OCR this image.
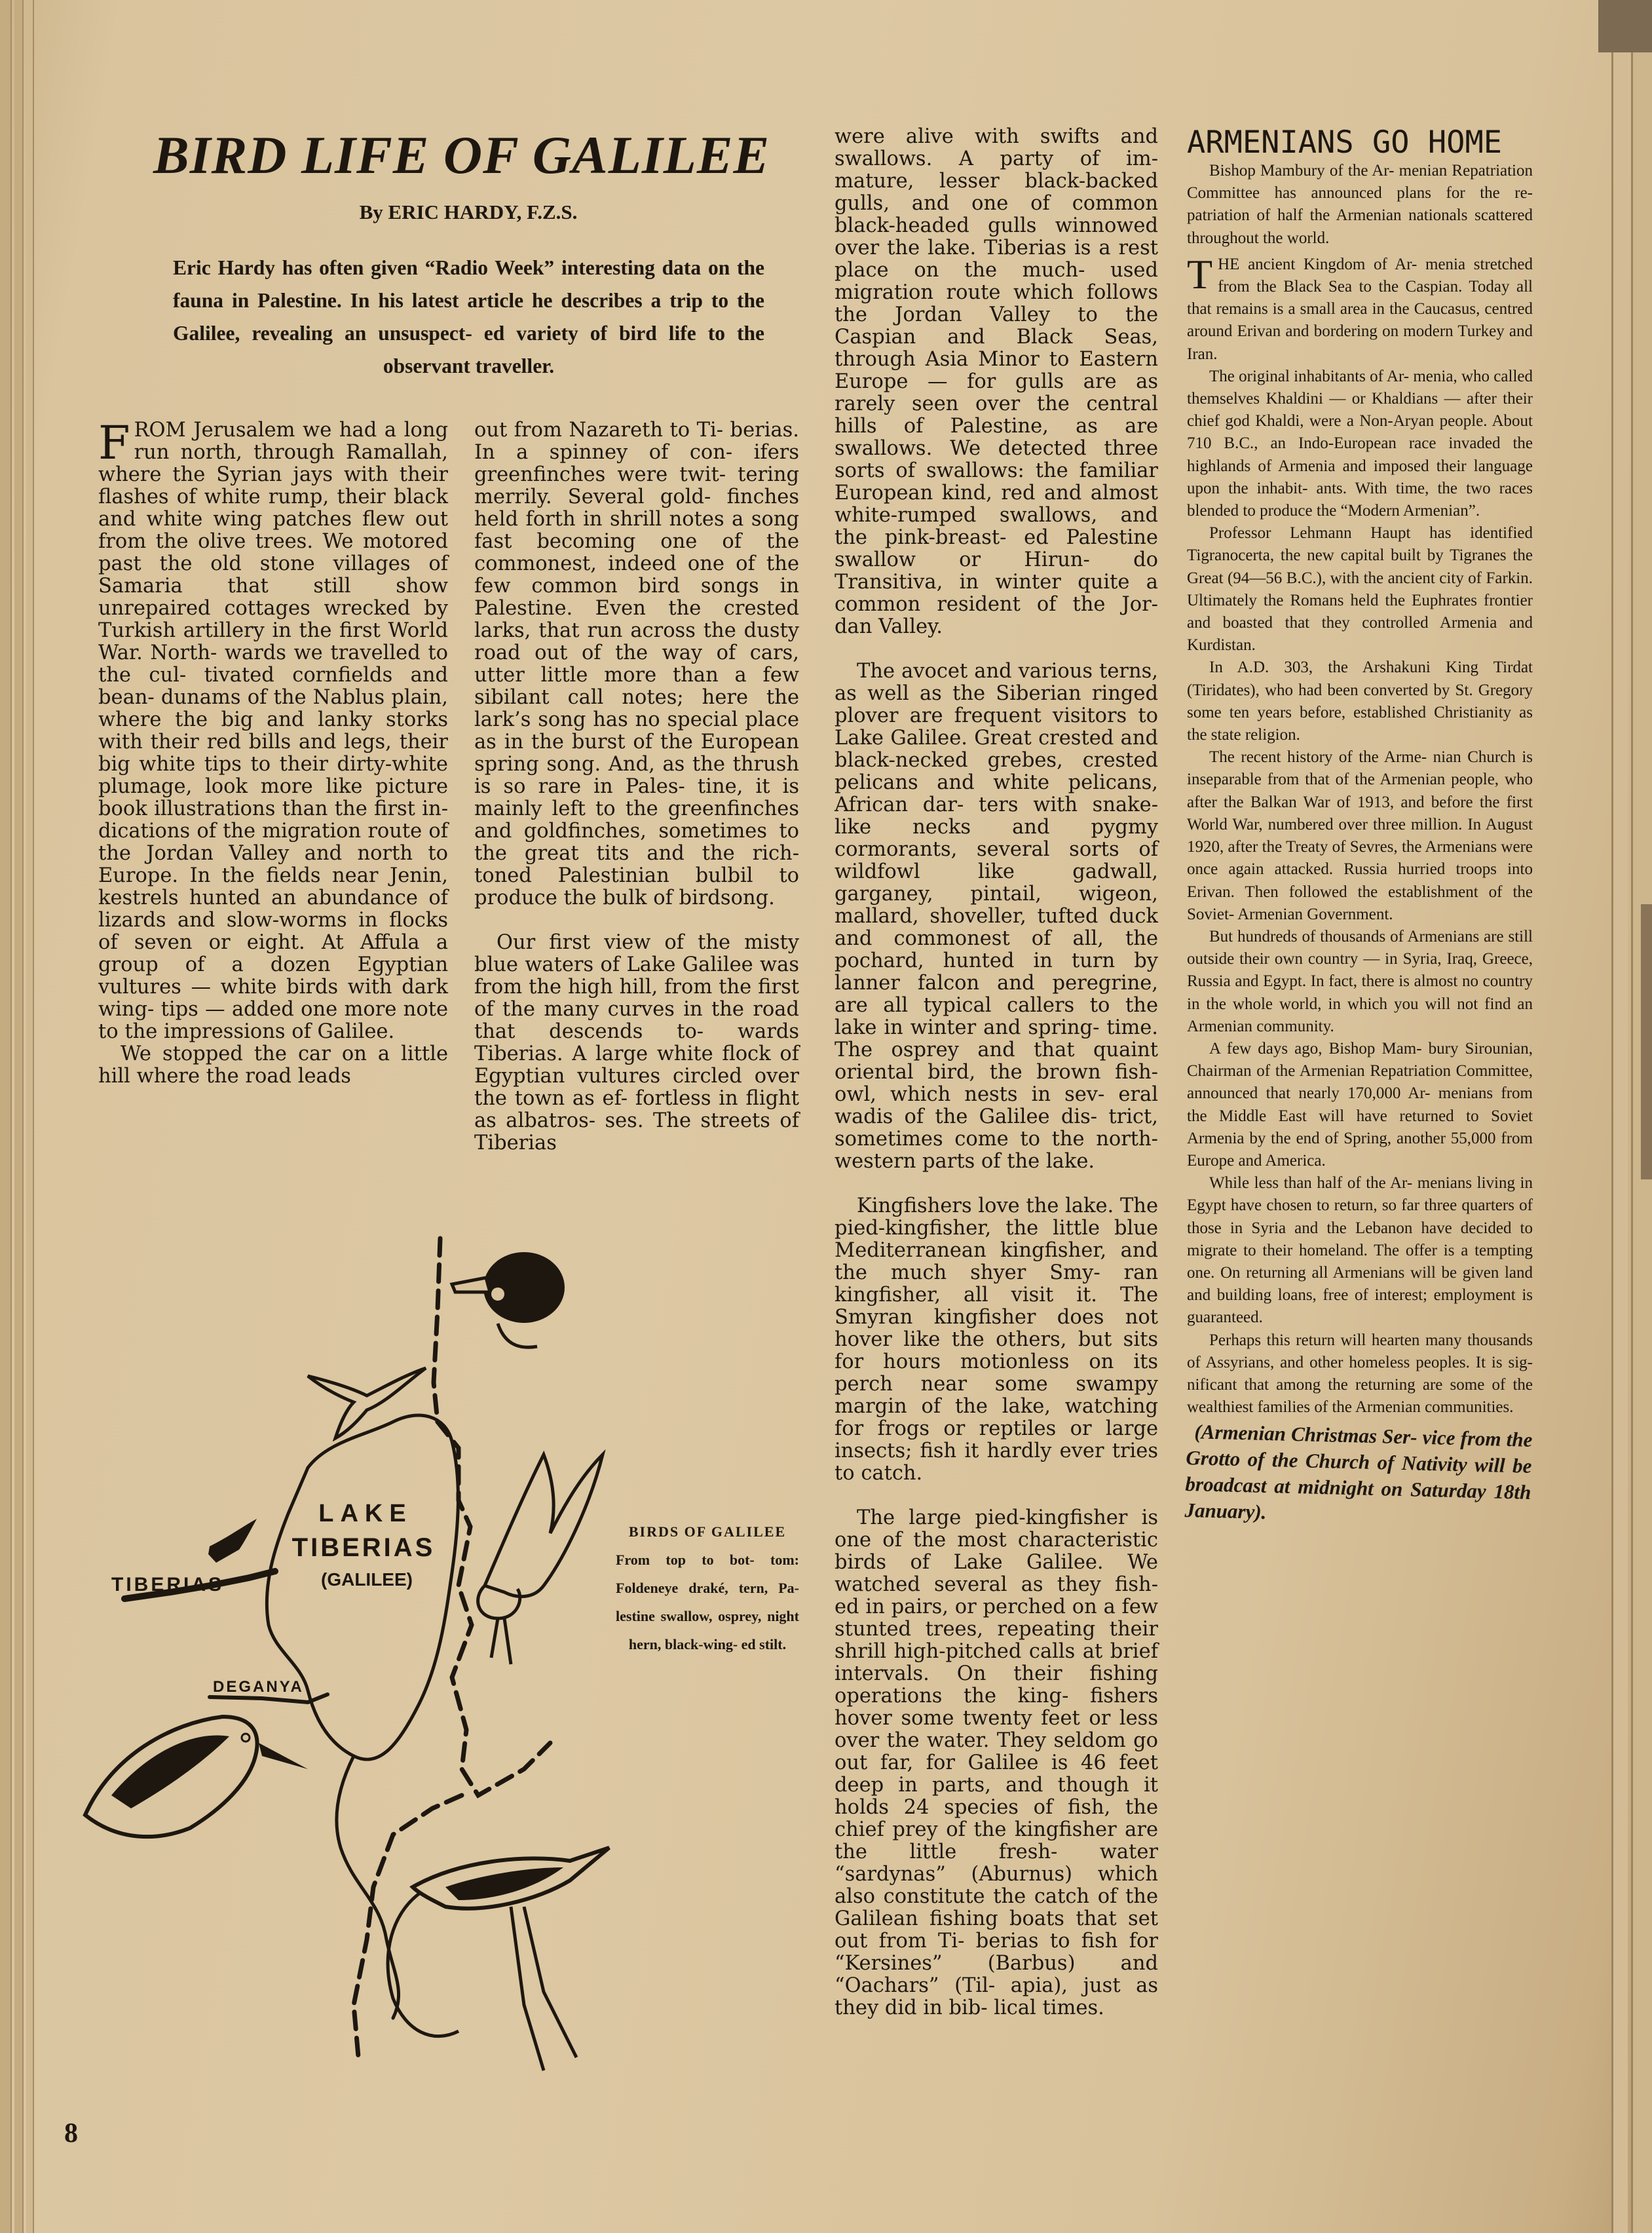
BIRD LIFE OF GALILEE
By ERIC HARDY, F.Z.S.
Eric Hardy has often given “Radio Week” interesting data on the fauna in Palestine. In his latest article he describes a trip to the Galilee, revealing an unsuspect- ed variety of bird life to the observant traveller.

FROM Jerusalem we had a long run north, through Ramallah, where the Syrian jays with their flashes of white rump, their black and white wing patches flew out from the olive trees. We motored past the old stone villages of Samaria that still show unrepaired cottages wrecked by Turkish artillery in the first World War. North- wards we travelled to the cul- tivated cornfields and bean- dunams of the Nablus plain, where the big and lanky storks with their red bills and legs, their big white tips to their dirty-white plumage, look more like picture book illustrations than the first in- dications of the migration route of the Jordan Valley and north to Europe. In the fields near Jenin, kestrels hunted an abundance of lizards and slow-worms in flocks of seven or eight. At Affula a group of a dozen Egyptian vultures — white birds with dark wing- tips — added one more note to the impressions of Galilee.

We stopped the car on a little hill where the road leads

out from Nazareth to Ti- berias. In a spinney of con- ifers greenfinches were twit- tering merrily. Several gold- finches held forth in shrill notes a song fast becoming one of the commonest, indeed one of the few common bird songs in Palestine. Even the crested larks, that run across the dusty road out of the way of cars, utter little more than a few sibilant call notes; here the lark’s song has no special place as in the burst of the European spring song. And, as the thrush is so rare in Pales- tine, it is mainly left to the greenfinches and goldfinches, sometimes to the great tits and the rich-toned Palestinian bulbil to produce the bulk of birdsong.

Our first view of the misty blue waters of Lake Galilee was from the high hill, from the first of the many curves in the road that descends to- wards Tiberias. A large white flock of Egyptian vultures circled over the town as ef- fortless in flight as albatros- ses. The streets of Tiberias

were alive with swifts and swallows. A party of im- mature, lesser black-backed gulls, and one of common black-headed gulls winnowed over the lake. Tiberias is a rest place on the much- used migration route which follows the Jordan Valley to the Caspian and Black Seas, through Asia Minor to Eastern Europe — for gulls are as rarely seen over the central hills of Palestine, as are swallows. We detected three sorts of swallows: the familiar European kind, red and almost white-rumped swallows, and the pink-breast- ed Palestine swallow or Hirun- do Transitiva, in winter quite a common resident of the Jor- dan Valley.

The avocet and various terns, as well as the Siberian ringed plover are frequent visitors to Lake Galilee. Great crested and black-necked grebes, crested pelicans and white pelicans, African dar- ters with snake-like necks and pygmy cormorants, several sorts of wildfowl like gadwall, garganey, pintail, wigeon, mallard, shoveller, tufted duck and commonest of all, the pochard, hunted in turn by lanner falcon and peregrine, are all typical callers to the lake in winter and spring- time. The osprey and that quaint oriental bird, the brown fish-owl, which nests in sev- eral wadis of the Galilee dis- trict, sometimes come to the north-western parts of the lake.

Kingfishers love the lake. The pied-kingfisher, the little blue Mediterranean kingfisher, and the much shyer Smy- ran kingfisher, all visit it. The Smyran kingfisher does not hover like the others, but sits for hours motionless on its perch near some swampy margin of the lake, watching for frogs or reptiles or large insects; fish it hardly ever tries to catch.

The large pied-kingfisher is one of the most characteristic birds of Lake Galilee. We watched several as they fish- ed in pairs, or perched on a few stunted trees, repeating their shrill high-pitched calls at brief intervals. On their fishing operations the king- fishers hover some twenty feet or less over the water. They seldom go out far, for Galilee is 46 feet deep in parts, and though it holds 24 species of fish, the chief prey of the kingfisher are the little fresh- water “sardynas” (Aburnus) which also constitute the catch of the Galilean fishing boats that set out from Ti- berias to fish for “Kersines” (Barbus) and “Oachars” (Til- apia), just as they did in bib- lical times.

ARMENIANS GO HOME

Bishop Mambury of the Ar- menian Repatriation Committee has announced plans for the re- patriation of half the Armenian nationals scattered throughout the world.

THE ancient Kingdom of Ar- menia stretched from the Black Sea to the Caspian. Today all that remains is a small area in the Caucasus, centred around Erivan and bordering on modern Turkey and Iran.

The original inhabitants of Ar- menia, who called themselves Khaldini — or Khaldians — after their chief god Khaldi, were a Non-Aryan people. About 710 B.C., an Indo-European race invaded the highlands of Armenia and imposed their language upon the inhabit- ants. With time, the two races blended to produce the “Modern Armenian”.

Professor Lehmann Haupt has identified Tigranocerta, the new capital built by Tigranes the Great (94—56 B.C.), with the ancient city of Farkin. Ultimately the Romans held the Euphrates frontier and boasted that they controlled Armenia and Kurdistan.

In A.D. 303, the Arshakuni King Tirdat (Tiridates), who had been converted by St. Gregory some ten years before, established Christianity as the state religion.

The recent history of the Arme- nian Church is inseparable from that of the Armenian people, who after the Balkan War of 1913, and before the first World War, numbered over three million. In August 1920, after the Treaty of Sevres, the Armenians were once again attacked. Russia hurried troops into Erivan. Then followed the establishment of the Soviet- Armenian Government.

But hundreds of thousands of Armenians are still outside their own country — in Syria, Iraq, Greece, Russia and Egypt. In fact, there is almost no country in the whole world, in which you will not find an Armenian community.

A few days ago, Bishop Mam- bury Sirounian, Chairman of the Armenian Repatriation Committee, announced that nearly 170,000 Ar- menians from the Middle East will have returned to Soviet Armenia by the end of Spring, another 55,000 from Europe and America.

While less than half of the Ar- menians living in Egypt have chosen to return, so far three quarters of those in Syria and the Lebanon have decided to migrate to their homeland. The offer is a tempting one. On returning all Armenians will be given land and building loans, free of interest; employment is guaranteed.

Perhaps this return will hearten many thousands of Assyrians, and other homeless peoples. It is sig- nificant that among the returning are some of the wealthiest families of the Armenian communities.

(Armenian Christmas Ser- vice from the Grotto of the Church of Nativity will be broadcast at midnight on Saturday 18th January).

LAKE
TIBERIAS
(GALILEE)
TIBERIAS
DEGANYA
BIRDS OF GALILEE
From top to bot- tom: Foldeneye draké, tern, Pa- lestine swallow, osprey, night hern, black-wing- ed stilt.
8
